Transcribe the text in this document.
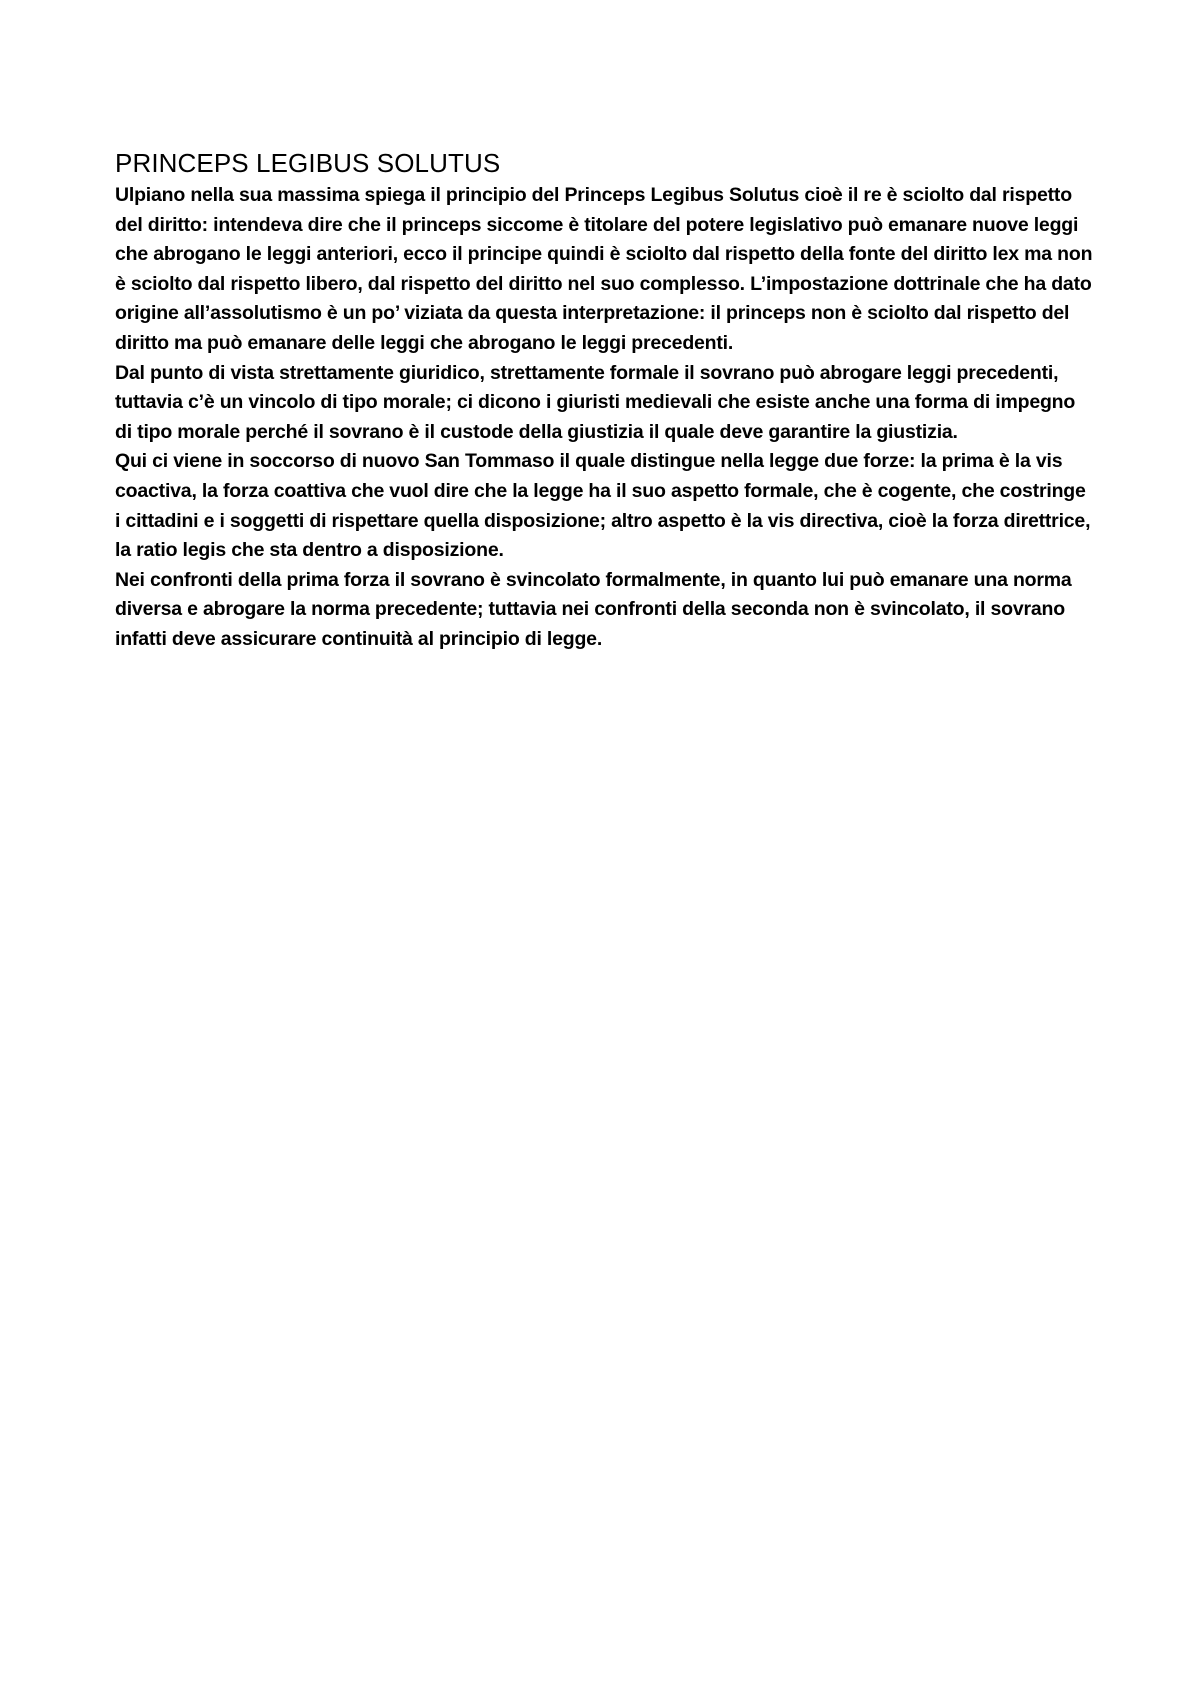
PRINCEPS LEGIBUS SOLUTUS

Ulpiano nella sua massima spiega il principio del Princeps Legibus Solutus cioè il re è sciolto dal rispetto del diritto: intendeva dire che il princeps siccome è titolare del potere legislativo può emanare nuove leggi che abrogano le leggi anteriori, ecco il principe quindi è sciolto dal rispetto della fonte del diritto lex ma non è sciolto dal rispetto libero, dal rispetto del diritto nel suo complesso. L’impostazione dottrinale che ha dato origine all’assolutismo è un po’ viziata da questa interpretazione: il princeps non è sciolto dal rispetto del diritto ma può emanare delle leggi che abrogano le leggi precedenti.

Dal punto di vista strettamente giuridico, strettamente formale il sovrano può abrogare leggi precedenti, tuttavia c’è un vincolo di tipo morale; ci dicono i giuristi medievali che esiste anche una forma di impegno di tipo morale perché il sovrano è il custode della giustizia il quale deve garantire la giustizia.

Qui ci viene in soccorso di nuovo San Tommaso il quale distingue nella legge due forze: la prima è la vis coactiva, la forza coattiva che vuol dire che la legge ha il suo aspetto formale, che è cogente, che costringe i cittadini e i soggetti di rispettare quella disposizione; altro aspetto è la vis directiva, cioè la forza direttrice, la ratio legis che sta dentro a disposizione.

Nei confronti della prima forza il sovrano è svincolato formalmente, in quanto lui può emanare una norma diversa e abrogare la norma precedente; tuttavia nei confronti della seconda non è svincolato, il sovrano infatti deve assicurare continuità al principio di legge.
